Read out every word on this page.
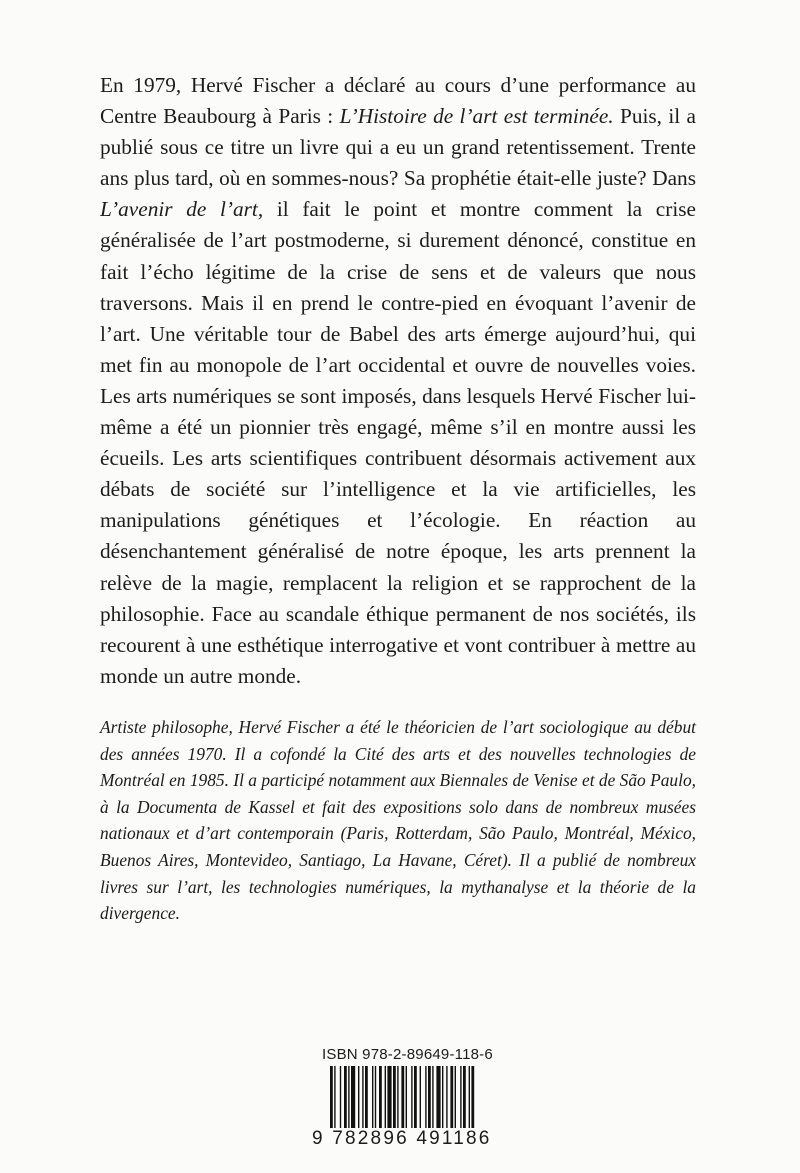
En 1979, Hervé Fischer a déclaré au cours d’une performance au Centre Beaubourg à Paris : L’Histoire de l’art est terminée. Puis, il a publié sous ce titre un livre qui a eu un grand retentissement. Trente ans plus tard, où en sommes-nous? Sa prophétie était-elle juste? Dans L’avenir de l’art, il fait le point et montre comment la crise généralisée de l’art postmoderne, si durement dénoncé, constitue en fait l’écho légitime de la crise de sens et de valeurs que nous traversons. Mais il en prend le contre-pied en évoquant l’avenir de l’art. Une véritable tour de Babel des arts émerge aujourd’hui, qui met fin au monopole de l’art occidental et ouvre de nouvelles voies. Les arts numériques se sont imposés, dans lesquels Hervé Fischer lui-même a été un pionnier très engagé, même s’il en montre aussi les écueils. Les arts scientifiques contribuent désormais activement aux débats de société sur l’intelligence et la vie artificielles, les manipulations génétiques et l’écologie. En réaction au désenchantement généralisé de notre époque, les arts prennent la relève de la magie, remplacent la religion et se rapprochent de la philosophie. Face au scandale éthique permanent de nos sociétés, ils recourent à une esthétique interrogative et vont contribuer à mettre au monde un autre monde.

Artiste philosophe, Hervé Fischer a été le théoricien de l’art sociologique au début des années 1970. Il a cofondé la Cité des arts et des nouvelles technologies de Montréal en 1985. Il a participé notamment aux Biennales de Venise et de São Paulo, à la Documenta de Kassel et fait des expositions solo dans de nombreux musées nationaux et d’art contemporain (Paris, Rotterdam, São Paulo, Montréal, México, Buenos Aires, Montevideo, Santiago, La Havane, Céret). Il a publié de nombreux livres sur l’art, les technologies numériques, la mythanalyse et la théorie de la divergence.

ISBN 978-2-89649-118-6
9 782896 491186
